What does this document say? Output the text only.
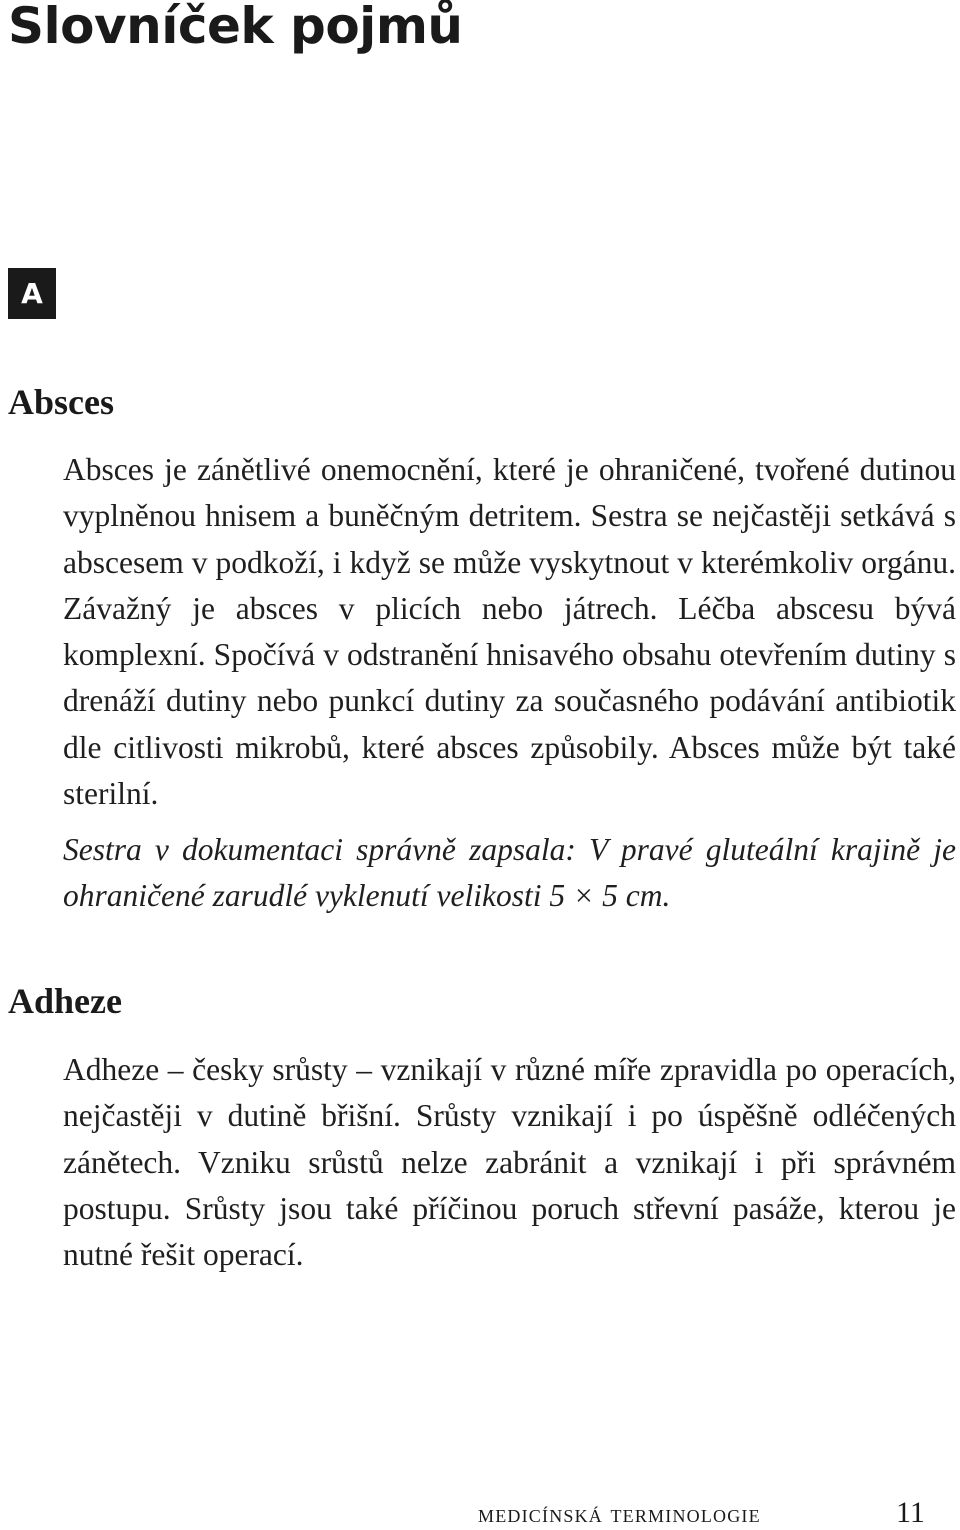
Slovníček pojmů
A
Absces

Absces je zánětlivé onemocnění, které je ohraničené, tvořené dutinou vyplněnou hnisem a buněčným detritem. Sestra se nejčastěji setkává s abscesem v podkoží, i když se může vyskytnout v kterémkoliv orgánu. Závažný je absces v plicích nebo játrech. Léčba abscesu bývá komplexní. Spočívá v odstranění hnisavého obsahu otevřením dutiny s drenáží dutiny nebo punkcí dutiny za současného podávání antibiotik dle citlivosti mikrobů, které absces způsobily. Absces může být také sterilní.

Sestra v dokumentaci správně zapsala: V pravé gluteální krajině je ohraničené zarudlé vyklenutí velikosti 5 × 5 cm.

Adheze

Adheze – česky srůsty – vznikají v různé míře zpravidla po operacích, nejčastěji v dutině břišní. Srůsty vznikají i po úspěšně odléčených zánětech. Vzniku srůstů nelze zabránit a vznikají i při správném postupu. Srůsty jsou také příčinou poruch střevní pasáže, kterou je nutné řešit operací.

medicínská terminologie	11
